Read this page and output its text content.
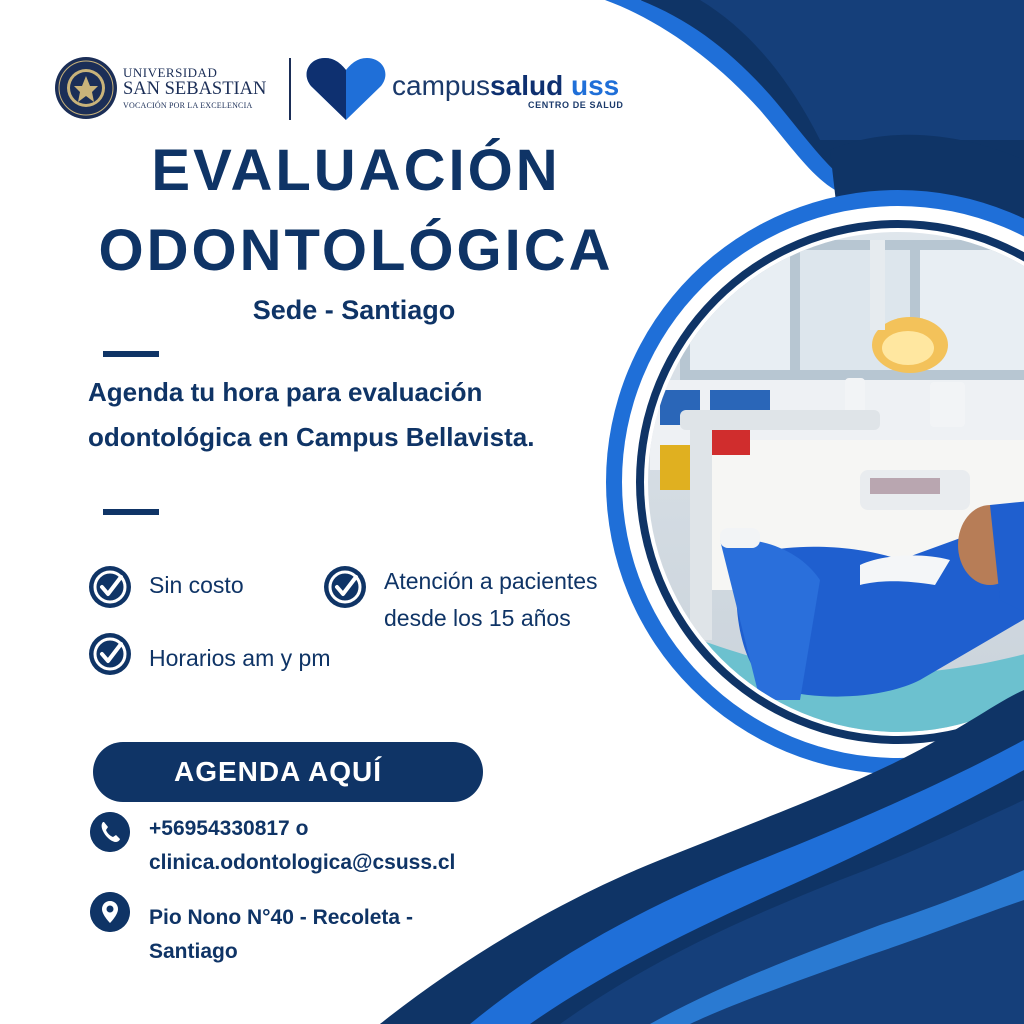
UNIVERSIDAD
SAN SEBASTIAN
VOCACIÓN POR LA EXCELENCIA
campussalud uss
CENTRO DE SALUD
EVALUACIÓN
ODONTOLÓGICA
Sede - Santiago
Agenda tu hora para evaluación odontológica en Campus Bellavista.
Sin costo
Horarios am y pm
Atención a pacientes desde los 15 años
AGENDA AQUÍ
+56954330817 o
clinica.odontologica@csuss.cl
Pio Nono N°40 - Recoleta -
Santiago
